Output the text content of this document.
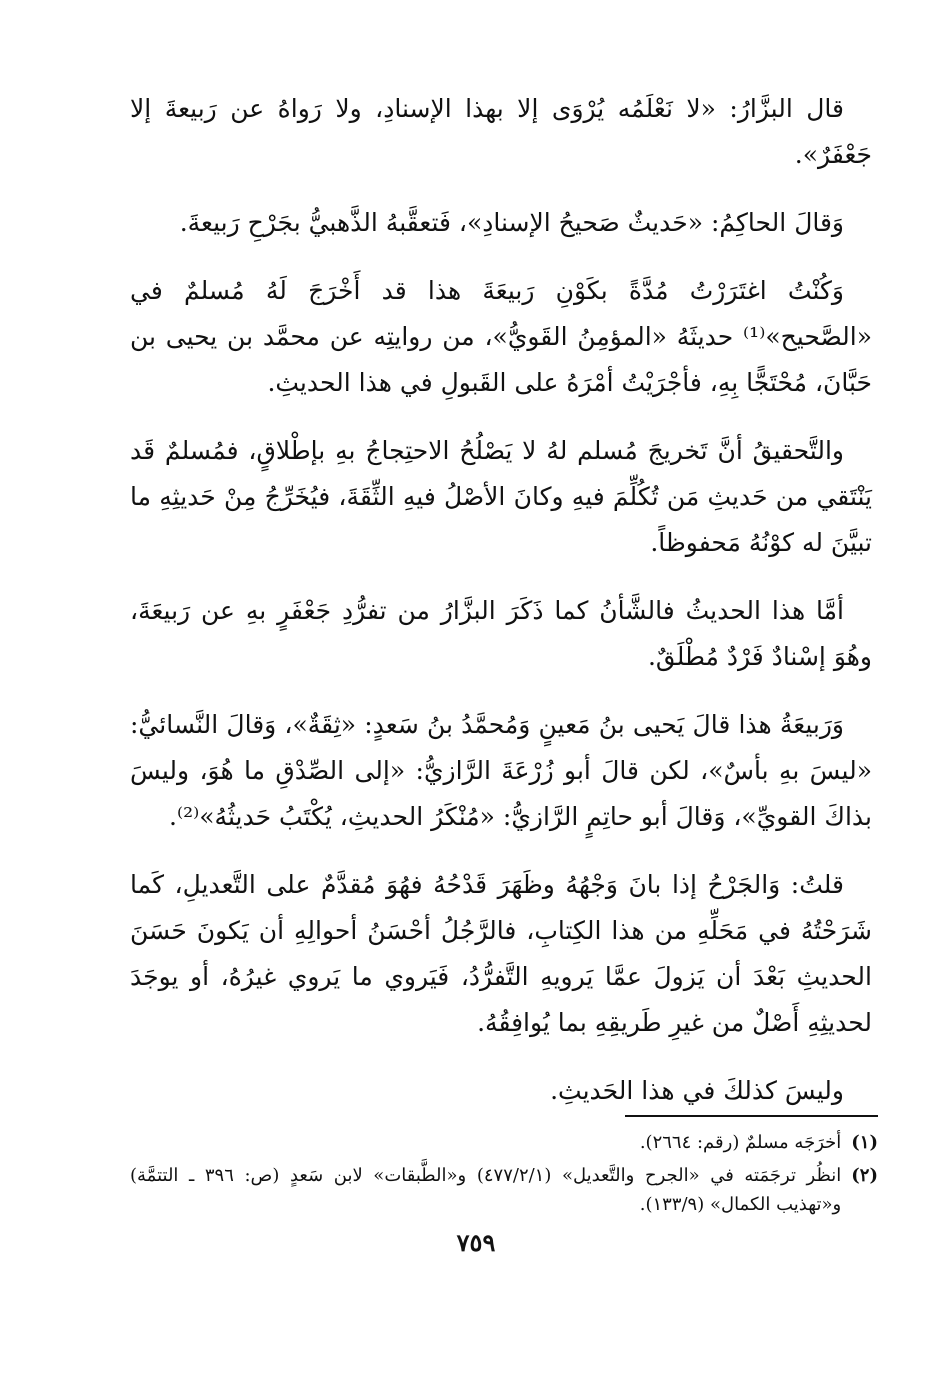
قال البزَّارُ: «لا نَعْلَمُه يُرْوَى إلا بهذا الإسنادِ، ولا رَواهُ عن رَبيعةَ إلا جَعْفَرٌ».

وَقالَ الحاكِمُ: «حَديثٌ صَحيحُ الإسنادِ»، فَتعقَّبهُ الذَّهبيُّ بجَرْحِ رَبيعةَ.

وَكُنْتُ اغتَرَرْتُ مُدَّةً بكَوْنِ رَبيعَةَ هذا قد أَخْرَجَ لَهُ مُسلمٌ في «الصَّحيح»⁽¹⁾ حديثَهُ «المؤمِنُ القَويُّ»، من روايتِه عن محمَّد بن يحيى بن حَبَّانَ، مُحْتَجًّا بِهِ، فأجْرَيْتُ أمْرَهُ على القَبولِ في هذا الحديثِ.

والتَّحقيقُ أنَّ تَخريجَ مُسلم لهُ لا يَصْلُحُ الاحتِجاجُ بهِ بإطْلاقٍ، فمُسلمٌ قَد يَنْتَقي من حَديثِ مَن تُكُلِّمَ فيهِ وكانَ الأصْلُ فيهِ الثِّقَةَ، فيُخَرِّجُ مِنْ حَديثِهِ ما تبيَّنَ له كوْنُهُ مَحفوظاً.

أمَّا هذا الحديثُ فالشَّأنُ كما ذَكَرَ البزَّارُ من تفرُّدِ جَعْفَرٍ بهِ عن رَبيعَةَ، وهُوَ إسْنادٌ فَرْدٌ مُطْلَقٌ.

وَرَبيعَةُ هذا قالَ يَحيى بنُ مَعينٍ وَمُحمَّدُ بنُ سَعدٍ: «ثِقَةٌ»، وَقالَ النَّسائيُّ: «ليسَ بهِ بأسٌ»، لكن قالَ أبو زُرْعَةَ الرَّازيُّ: «إلى الصِّدْقِ ما هُوَ، وليسَ بذاكَ القويِّ»، وَقالَ أبو حاتِمٍ الرَّازيُّ: «مُنْكَرُ الحديثِ، يُكْتَبُ حَديثُهُ»⁽²⁾.

قلتُ: وَالجَرْحُ إذا بانَ وَجْهُهُ وظَهَرَ قَدْحُهُ فهُوَ مُقدَّمٌ على التَّعديلِ، كَما شَرَحْتُهُ في مَحَلِّهِ من هذا الكِتابِ، فالرَّجُلُ أحْسَنُ أحوالِهِ أن يَكونَ حَسَنَ الحديثِ بَعْدَ أن يَزولَ عمَّا يَرويهِ التَّفرُّدُ، فَيَروي ما يَروي غيرُهُ، أو يوجَدَ لحديثِهِ أَصْلٌ من غيرِ طَريقِهِ بما يُوافِقُهُ.

وليسَ كذلكَ في هذا الحَديثِ.

(١)
أخرَجَه مسلمٌ (رقم: ٢٦٦٤).
(٢)
انظُر ترجَمَته في «الجرح والتَّعديل» (٤٧٧/٢/١) و«الطَّبقات» لابن سَعدٍ (ص: ٣٩٦ ـ التتمَّة) و«تهذيب الكمال» (١٣٣/٩).
٧٥٩
